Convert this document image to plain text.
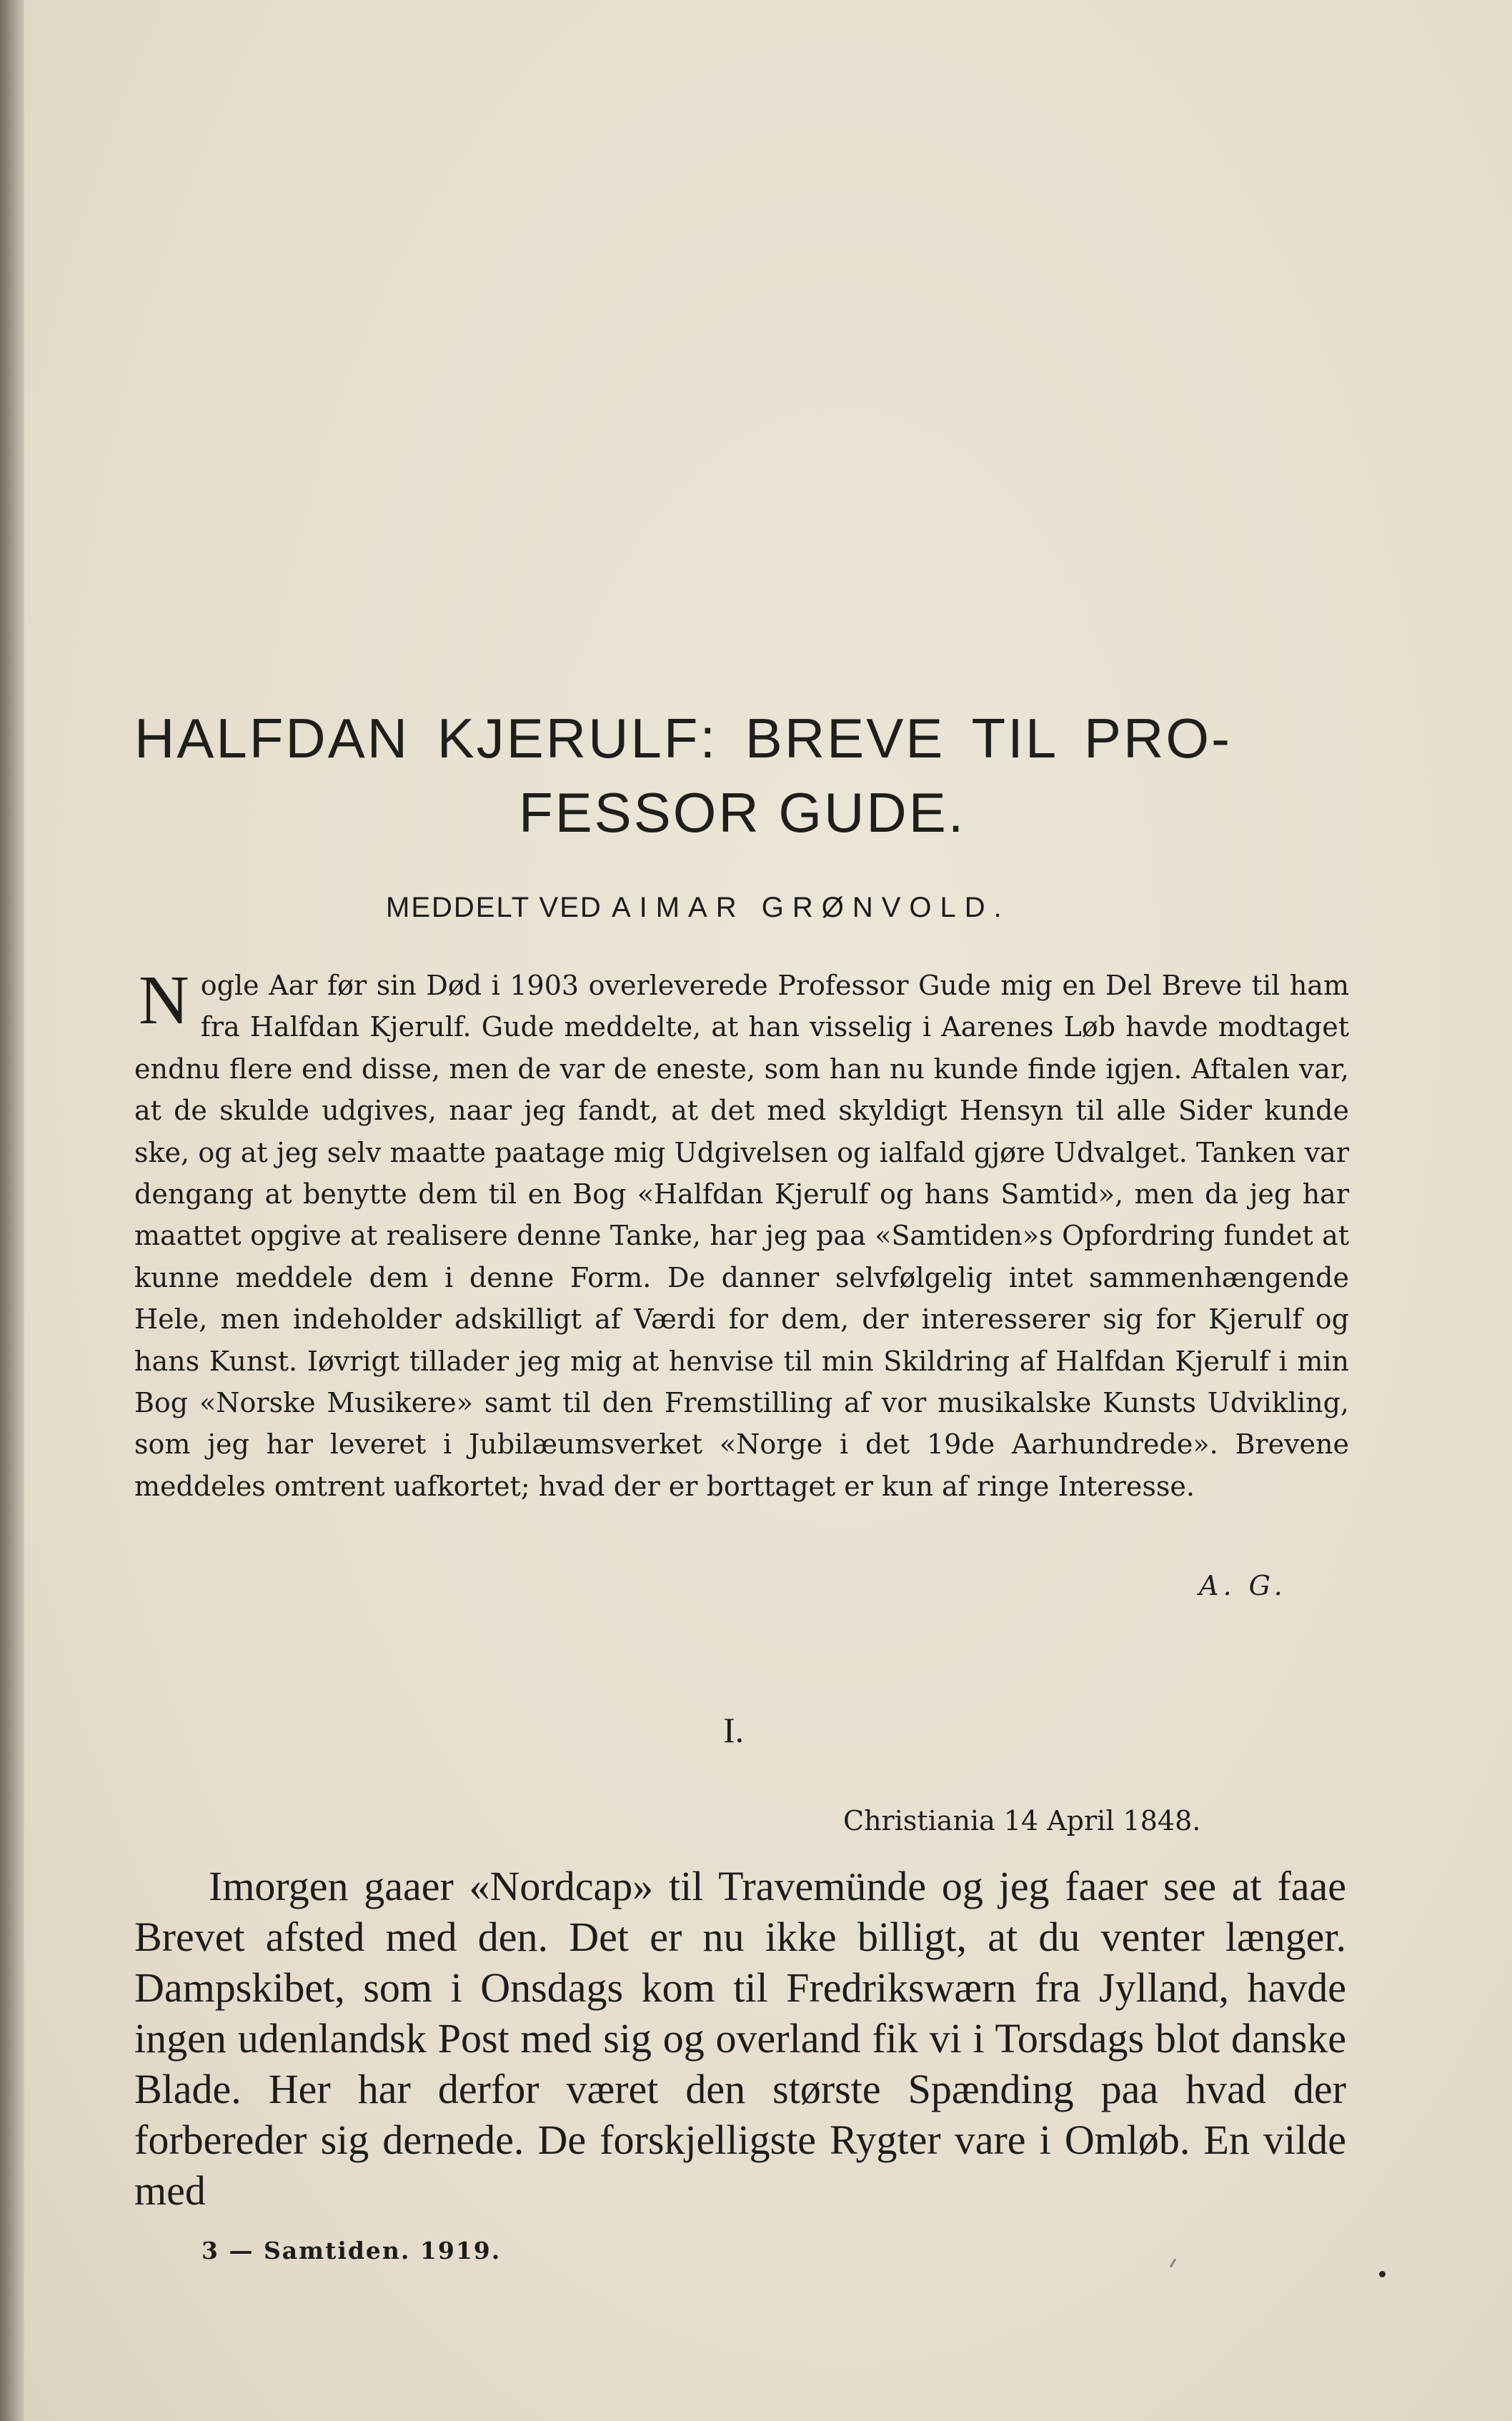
HALFDAN KJERULF: BREVE TIL PRO-
FESSOR GUDE.
MEDDELT VED AIMAR GRØNVOLD.
Nogle Aar før sin Død i 1903 overleverede Professor Gude mig en Del Breve til ham fra Halfdan Kjerulf. Gude meddelte, at han visselig i Aarenes Løb havde modtaget endnu flere end disse, men de var de eneste, som han nu kunde finde igjen. Aftalen var, at de skulde udgives, naar jeg fandt, at det med skyldigt Hensyn til alle Sider kunde ske, og at jeg selv maatte paatage mig Udgivelsen og ialfald gjøre Udvalget. Tanken var dengang at benytte dem til en Bog «Halfdan Kjerulf og hans Samtid», men da jeg har maattet opgive at realisere denne Tanke, har jeg paa «Samtiden»s Opfordring fundet at kunne meddele dem i denne Form. De danner selvfølgelig intet sammenhængende Hele, men indeholder adskilligt af Værdi for dem, der interesserer sig for Kjerulf og hans Kunst. Iøvrigt tillader jeg mig at henvise til min Skildring af Halfdan Kjerulf i min Bog «Norske Musikere» samt til den Fremstilling af vor musikalske Kunsts Udvikling, som jeg har leveret i Jubilæumsverket «Norge i det 19de Aarhundrede». Brevene meddeles omtrent uafkortet; hvad der er borttaget er kun af ringe Interesse.
A. G.
I.
Christiania 14 April 1848.
Imorgen gaaer «Nordcap» til Travemünde og jeg faaer see at faae Brevet afsted med den. Det er nu ikke billigt, at du venter længer. Dampskibet, som i Onsdags kom til Fredrikswærn fra Jylland, havde ingen udenlandsk Post med sig og overland fik vi i Torsdags blot danske Blade. Her har derfor været den største Spænding paa hvad der forbereder sig dernede. De forskjelligste Rygter vare i Omløb. En vilde med
3 — Samtiden. 1919.
